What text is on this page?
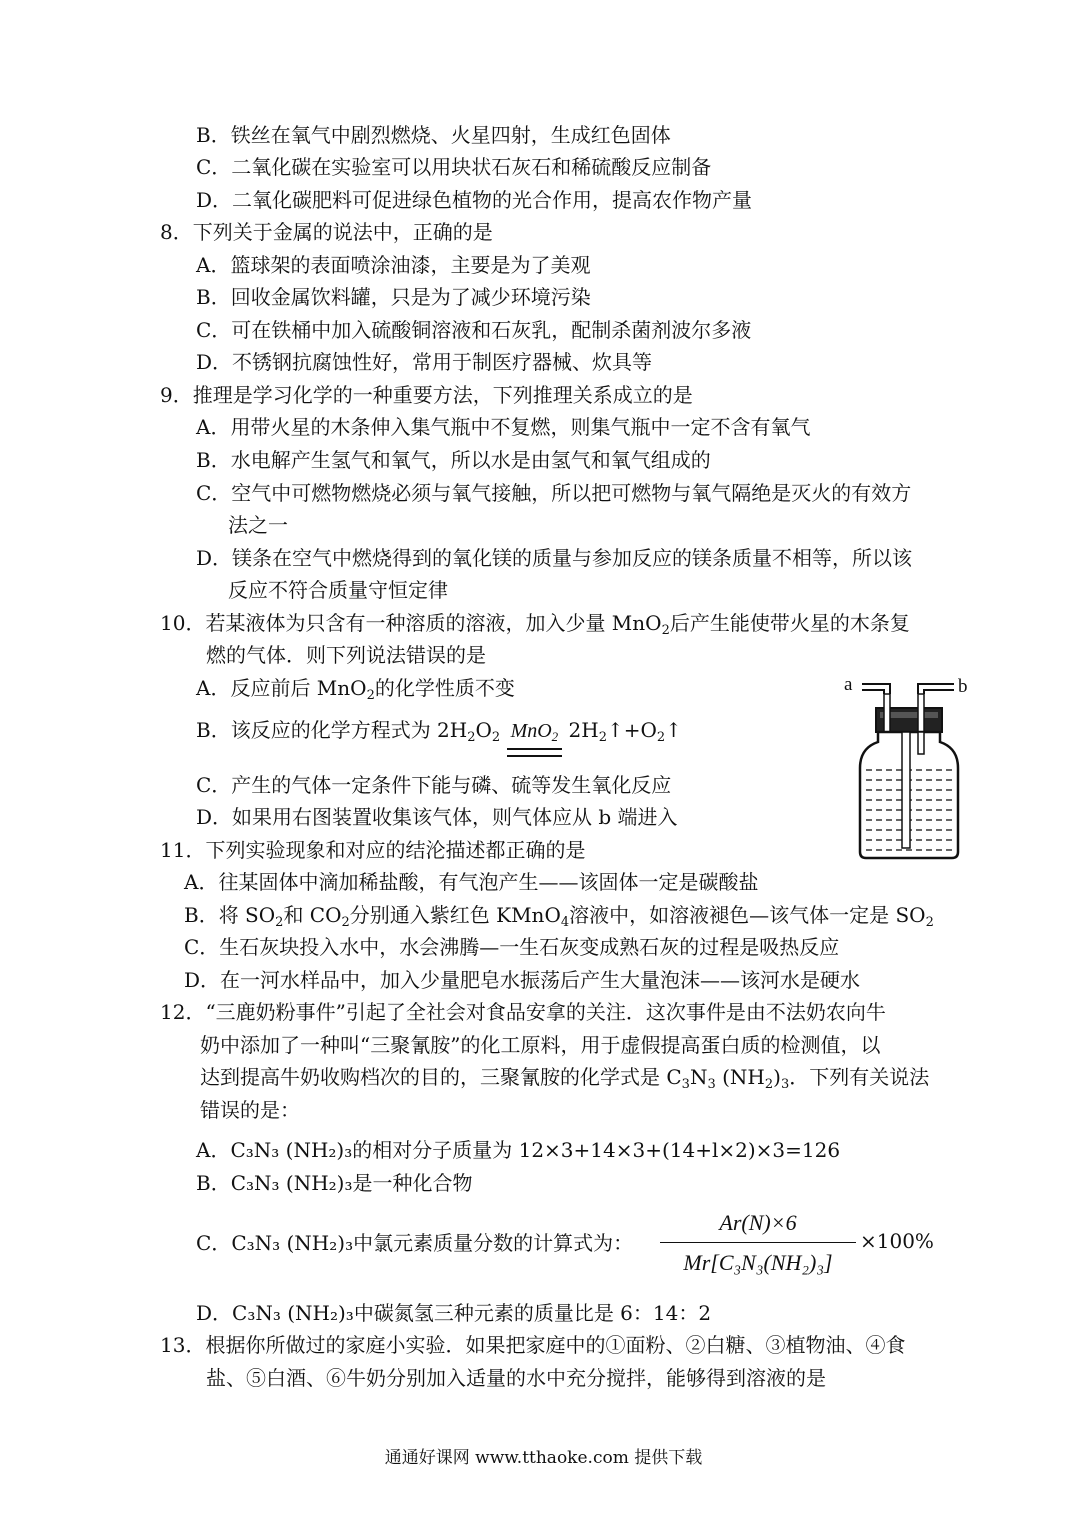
B．铁丝在氧气中剧烈燃烧、火星四射，生成红色固体
C．二氧化碳在实验室可以用块状石灰石和稀硫酸反应制备
D．二氧化碳肥料可促进绿色植物的光合作用，提高农作物产量
8．下列关于金属的说法中，正确的是
A．篮球架的表面喷涂油漆，主要是为了美观
B．回收金属饮料罐，只是为了减少环境污染
C．可在铁桶中加入硫酸铜溶液和石灰乳，配制杀菌剂波尔多液
D．不锈钢抗腐蚀性好，常用于制医疗器械、炊具等
9．推理是学习化学的一种重要方法，下列推理关系成立的是
A．用带火星的木条伸入集气瓶中不复燃，则集气瓶中一定不含有氧气
B．水电解产生氢气和氧气，所以水是由氢气和氧气组成的
C．空气中可燃物燃烧必须与氧气接触，所以把可燃物与氧气隔绝是灭火的有效方
法之一
D．镁条在空气中燃烧得到的氧化镁的质量与参加反应的镁条质量不相等，所以该
反应不符合质量守恒定律
10．若某液体为只含有一种溶质的溶液，加入少量 MnO$_2$后产生能使带火星的木条复
燃的气体．则下列说法错误的是
A．反应前后 MnO$_2$的化学性质不变
B．该反应的化学方程式为 $2H_2O_2$ MnO$_2$ $2H_2↑+O_2↑$
C．产生的气体一定条件下能与磷、硫等发生氧化反应
D．如果用右图装置收集该气体，则气体应从 b 端进入
a	b
11．下列实验现象和对应的结沦描述都正确的是
A．往某固体中滴加稀盐酸，有气泡产生——该固体一定是碳酸盐
B．将 $SO_2$和 $CO_2$分别通入紫红色 KMnO$_4$溶液中，如溶液褪色—该气体一定是 $SO_2$
C．生石灰块投入水中，水会沸腾—一生石灰变成熟石灰的过程是吸热反应
D．在一河水样品中，加入少量肥皂水振荡后产生大量泡沫——该河水是硬水
12．“三鹿奶粉事件”引起了全社会对食品安拿的关注．这次事件是由不法奶农向牛
奶中添加了一种叫“三聚氰胺”的化工原料，用于虚假提高蛋白质的检测值，以
达到提高牛奶收购档次的目的，三聚氰胺的化学式是 $C_3N_3$ $(NH_2)_3$．下列有关说法
错误的是：
A．C₃N₃ (NH₂)₃的相对分子质量为 12×3+14×3+(14+l×2)×3=126
B．C₃N₃ (NH₂)₃是一种化合物
C．C₃N₃ (NH₂)₃中氯元素质量分数的计算式为：
Ar(N)×6
Mr[C₃N₃(NH₂)₃]
×100%
D．C₃N₃ (NH₂)₃中碳氮氢三种元素的质量比是 6：14：2
13．根据你所做过的家庭小实验．如果把家庭中的①面粉、②白糖、③植物油、④食
盐、⑤白酒、⑥牛奶分别加入适量的水中充分搅拌，能够得到溶液的是
通通好课网 www.tthaoke.com 提供下载
